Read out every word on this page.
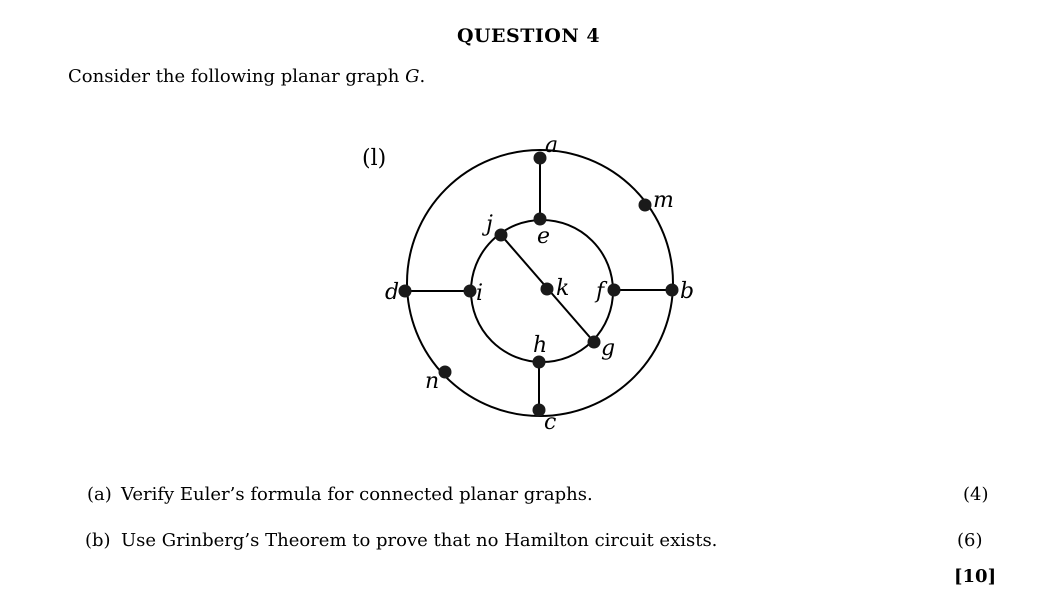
QUESTION 4
Consider the following planar graph G.
(l)
a
b
c
d
e
f
g
h
i
j
k
m
n
(a) Verify Euler’s formula for connected planar graphs.	(4)
(b) Use Grinberg’s Theorem to prove that no Hamilton circuit exists.	(6)
[10]
